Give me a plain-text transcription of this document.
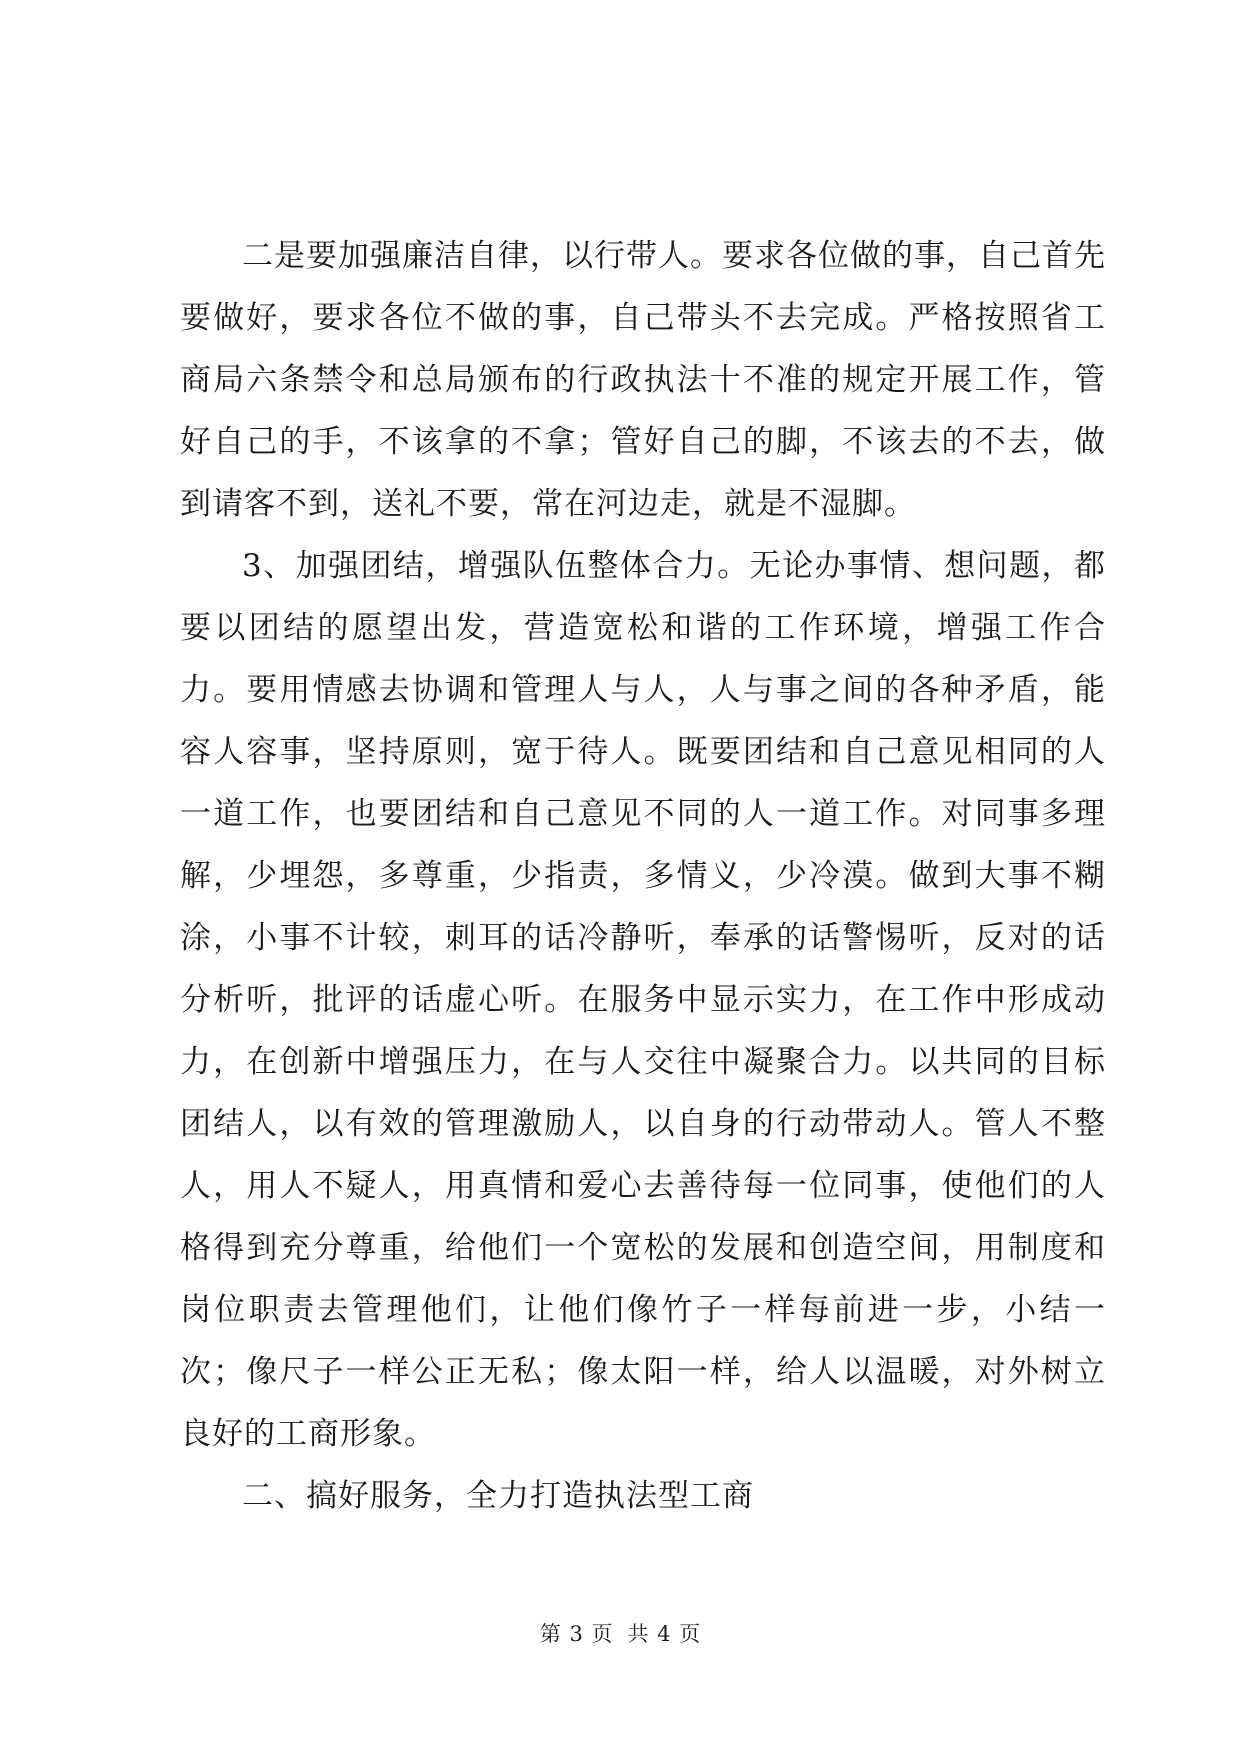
二是要加强廉洁自律，以行带人。要求各位做的事，自己首先要做好，要求各位不做的事，自己带头不去完成。严格按照省工商局六条禁令和总局颁布的行政执法十不准的规定开展工作，管好自己的手，不该拿的不拿；管好自己的脚，不该去的不去，做到请客不到，送礼不要，常在河边走，就是不湿脚。

3、加强团结，增强队伍整体合力。无论办事情、想问题，都要以团结的愿望出发，营造宽松和谐的工作环境，增强工作合力。要用情感去协调和管理人与人，人与事之间的各种矛盾，能容人容事，坚持原则，宽于待人。既要团结和自己意见相同的人一道工作，也要团结和自己意见不同的人一道工作。对同事多理解，少埋怨，多尊重，少指责，多情义，少冷漠。做到大事不糊涂，小事不计较，刺耳的话冷静听，奉承的话警惕听，反对的话分析听，批评的话虚心听。在服务中显示实力，在工作中形成动力，在创新中增强压力，在与人交往中凝聚合力。以共同的目标团结人，以有效的管理激励人，以自身的行动带动人。管人不整人，用人不疑人，用真情和爱心去善待每一位同事，使他们的人格得到充分尊重，给他们一个宽松的发展和创造空间，用制度和岗位职责去管理他们，让他们像竹子一样每前进一步，小结一次；像尺子一样公正无私；像太阳一样，给人以温暖，对外树立良好的工商形象。

二、搞好服务，全力打造执法型工商

第 3 页 共 4 页
